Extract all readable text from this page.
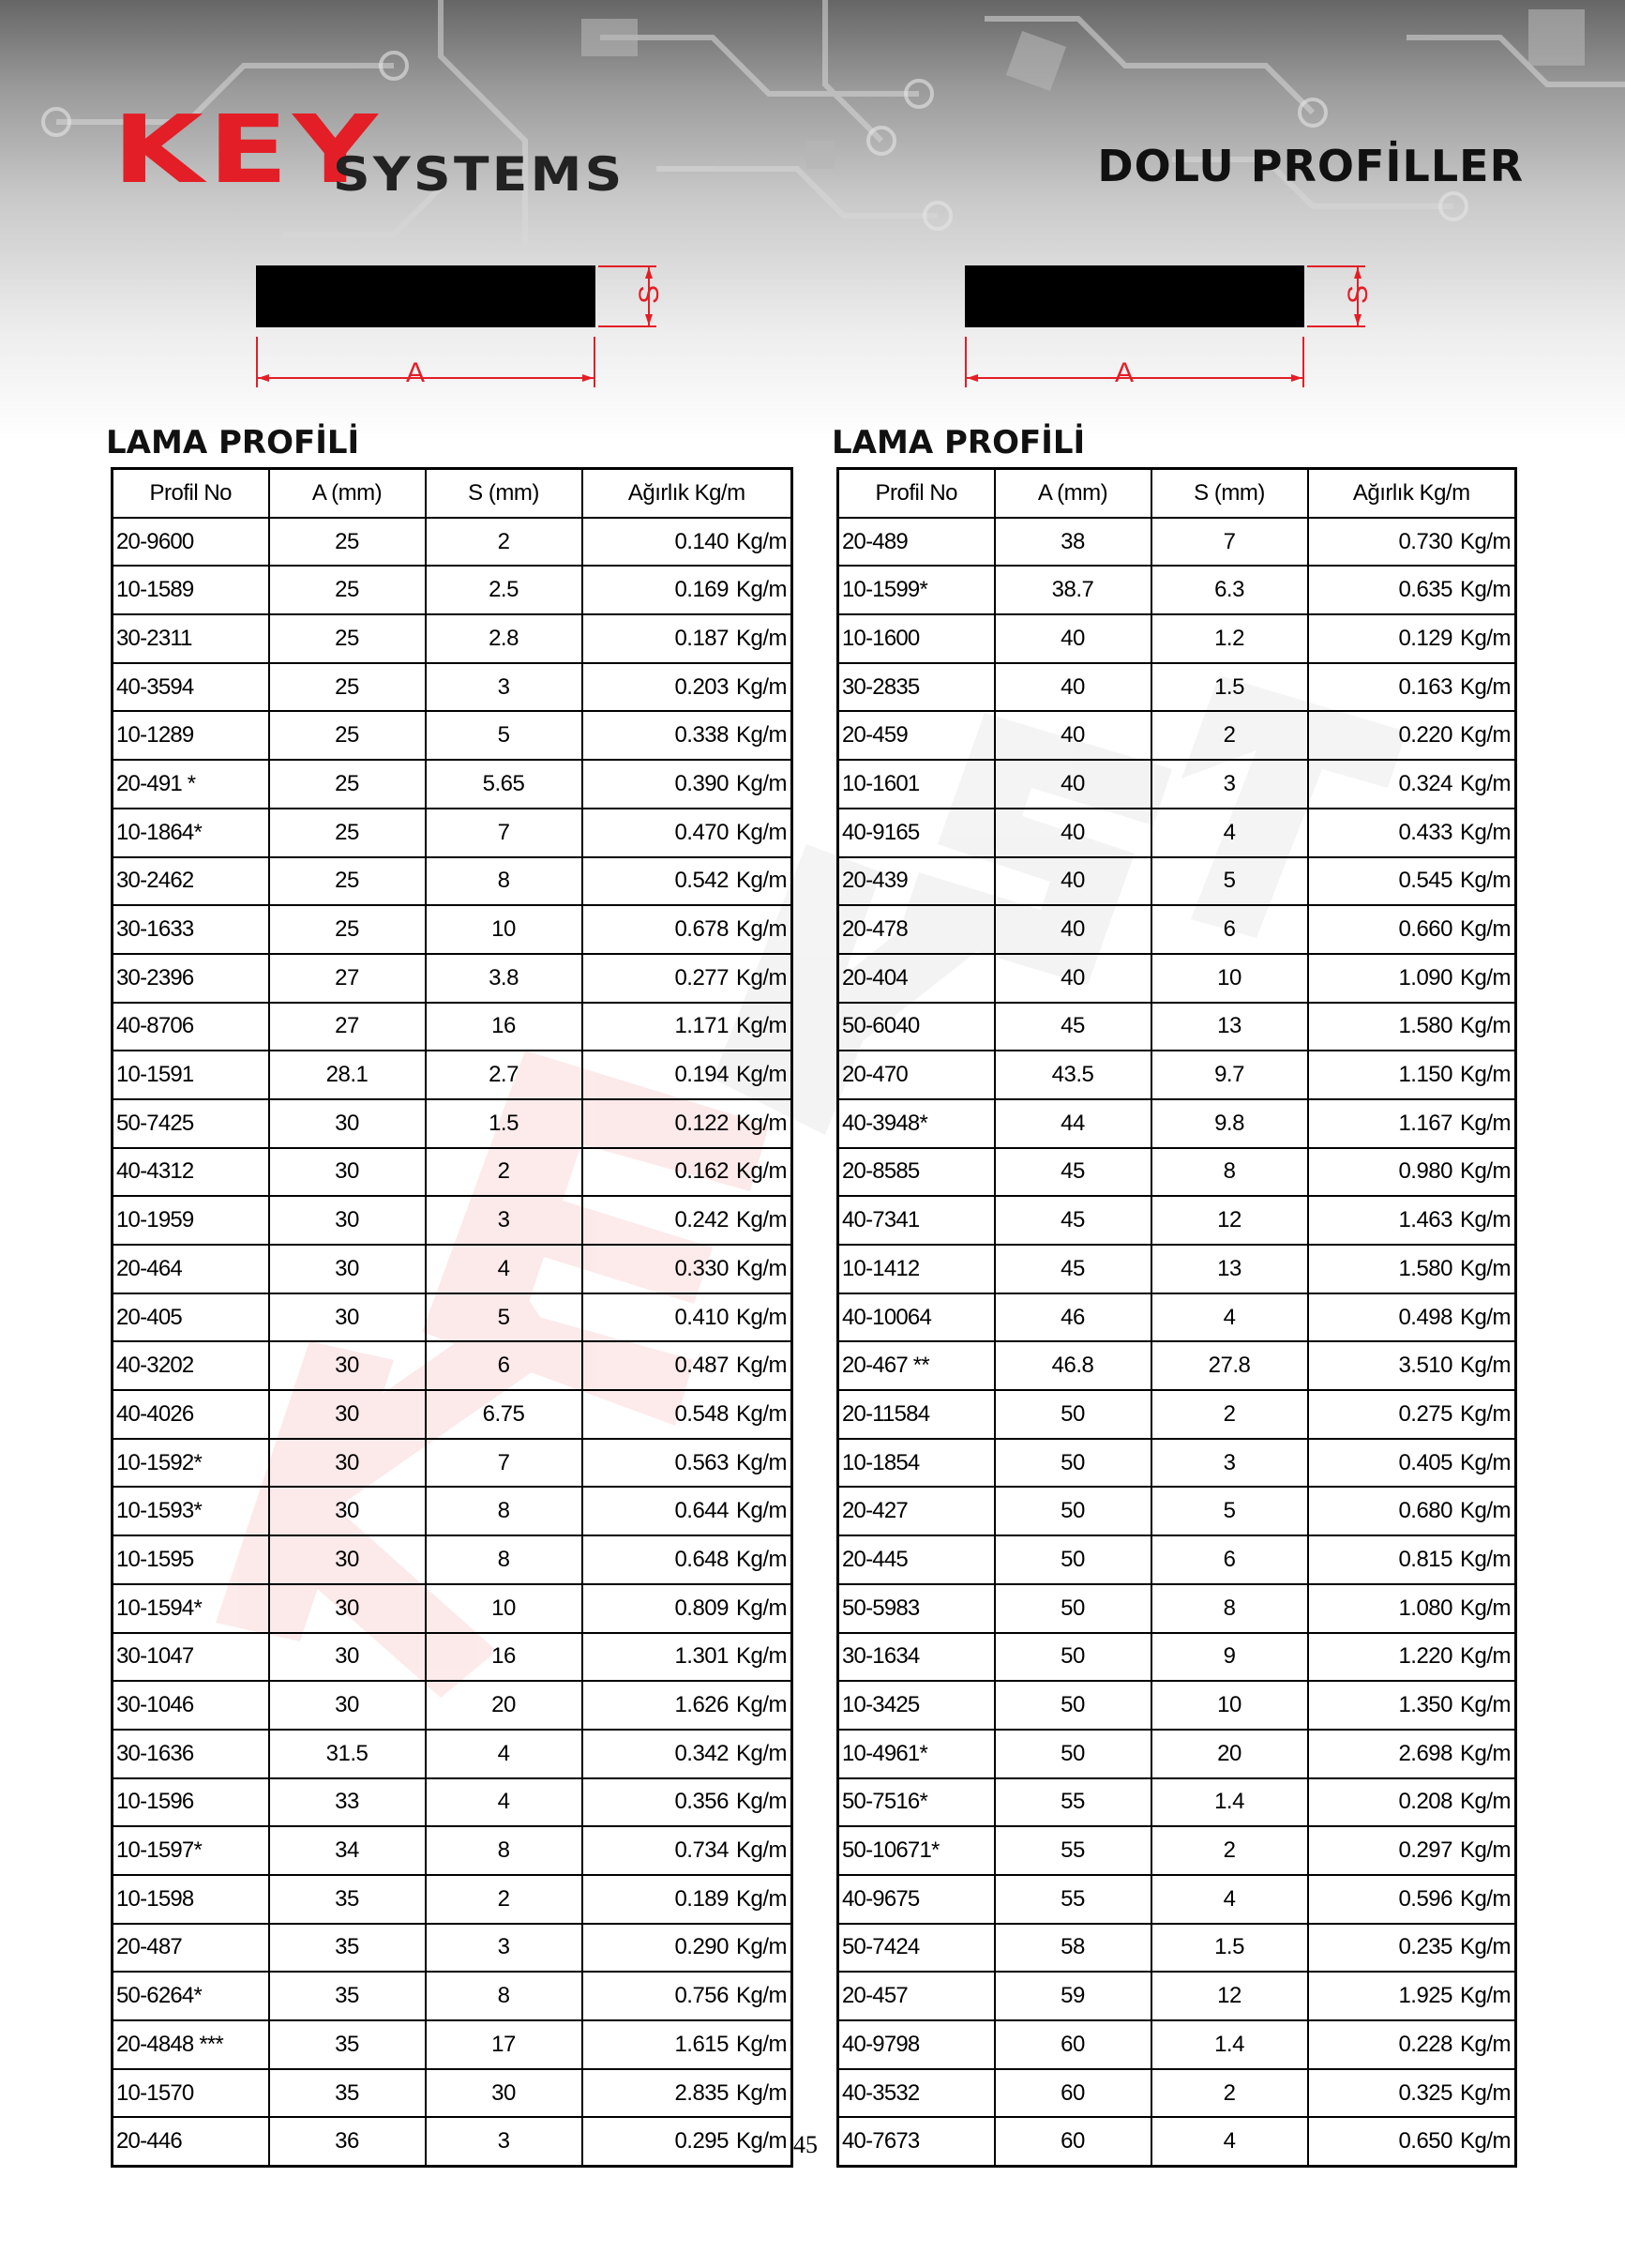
KEY
SYSTEMS	DOLU PROFİLLER
A
S
A
S
LAMA PROFİLİ	LAMA PROFİLİ
Profil No	A (mm)	S (mm)	Ağırlık Kg/m
20-9600	25	2	0.140 Kg/m
10-1589	25	2.5	0.169 Kg/m
30-2311	25	2.8	0.187 Kg/m
40-3594	25	3	0.203 Kg/m
10-1289	25	5	0.338 Kg/m
20-491 *	25	5.65	0.390 Kg/m
10-1864*	25	7	0.470 Kg/m
30-2462	25	8	0.542 Kg/m
30-1633	25	10	0.678 Kg/m
30-2396	27	3.8	0.277 Kg/m
40-8706	27	16	1.171 Kg/m
10-1591	28.1	2.7	0.194 Kg/m
50-7425	30	1.5	0.122 Kg/m
40-4312	30	2	0.162 Kg/m
10-1959	30	3	0.242 Kg/m
20-464	30	4	0.330 Kg/m
20-405	30	5	0.410 Kg/m
40-3202	30	6	0.487 Kg/m
40-4026	30	6.75	0.548 Kg/m
10-1592*	30	7	0.563 Kg/m
10-1593*	30	8	0.644 Kg/m
10-1595	30	8	0.648 Kg/m
10-1594*	30	10	0.809 Kg/m
30-1047	30	16	1.301 Kg/m
30-1046	30	20	1.626 Kg/m
30-1636	31.5	4	0.342 Kg/m
10-1596	33	4	0.356 Kg/m
10-1597*	34	8	0.734 Kg/m
10-1598	35	2	0.189 Kg/m
20-487	35	3	0.290 Kg/m
50-6264*	35	8	0.756 Kg/m
20-4848 ***	35	17	1.615 Kg/m
10-1570	35	30	2.835 Kg/m
20-446	36	3	0.295 Kg/m
Profil No	A (mm)	S (mm)	Ağırlık Kg/m
20-489	38	7	0.730 Kg/m
10-1599*	38.7	6.3	0.635 Kg/m
10-1600	40	1.2	0.129 Kg/m
30-2835	40	1.5	0.163 Kg/m
20-459	40	2	0.220 Kg/m
10-1601	40	3	0.324 Kg/m
40-9165	40	4	0.433 Kg/m
20-439	40	5	0.545 Kg/m
20-478	40	6	0.660 Kg/m
20-404	40	10	1.090 Kg/m
50-6040	45	13	1.580 Kg/m
20-470	43.5	9.7	1.150 Kg/m
40-3948*	44	9.8	1.167 Kg/m
20-8585	45	8	0.980 Kg/m
40-7341	45	12	1.463 Kg/m
10-1412	45	13	1.580 Kg/m
40-10064	46	4	0.498 Kg/m
20-467 **	46.8	27.8	3.510 Kg/m
20-11584	50	2	0.275 Kg/m
10-1854	50	3	0.405 Kg/m
20-427	50	5	0.680 Kg/m
20-445	50	6	0.815 Kg/m
50-5983	50	8	1.080 Kg/m
30-1634	50	9	1.220 Kg/m
10-3425	50	10	1.350 Kg/m
10-4961*	50	20	2.698 Kg/m
50-7516*	55	1.4	0.208 Kg/m
50-10671*	55	2	0.297 Kg/m
40-9675	55	4	0.596 Kg/m
50-7424	58	1.5	0.235 Kg/m
20-457	59	12	1.925 Kg/m
40-9798	60	1.4	0.228 Kg/m
40-3532	60	2	0.325 Kg/m
40-7673	60	4	0.650 Kg/m
45
